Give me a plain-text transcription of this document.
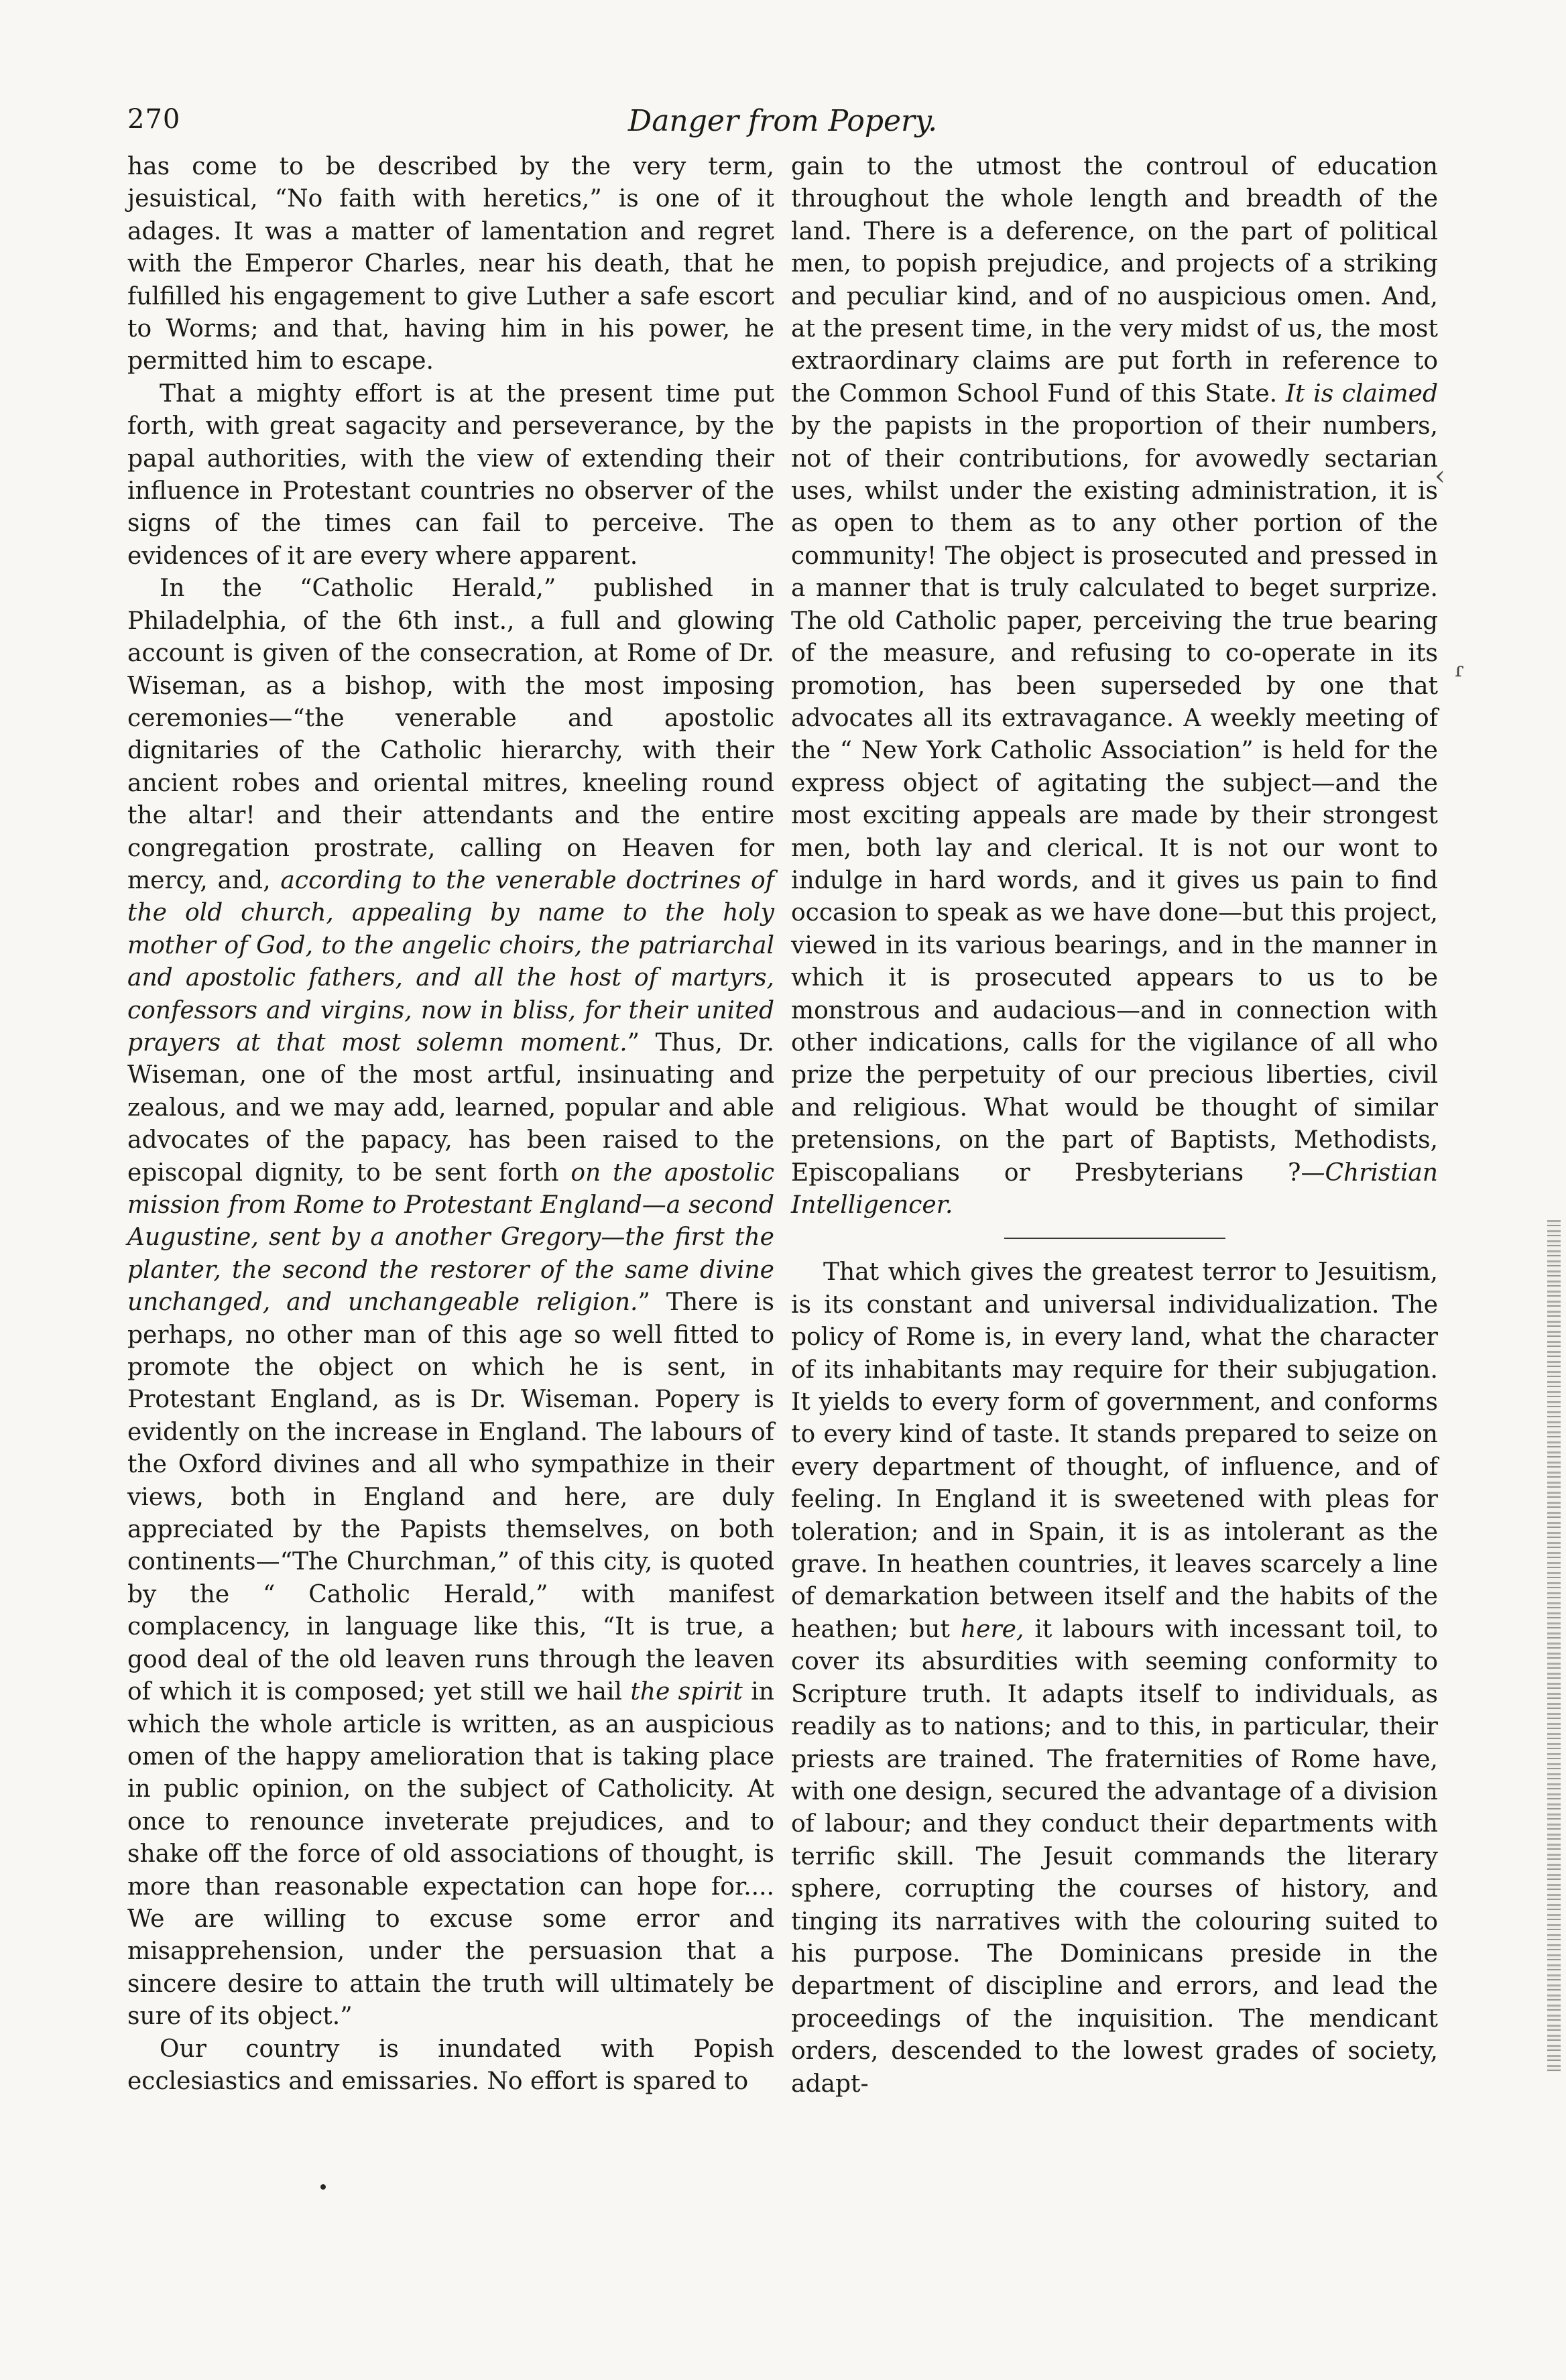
270	Danger from Popery.

has come to be described by the very term, jesuistical, “No faith with heretics,” is one of it adages. It was a matter of lamentation and regret with the Emperor Charles, near his death, that he fulfilled his engagement to give Luther a safe escort to Worms; and that, having him in his power, he permitted him to escape.

That a mighty effort is at the present time put forth, with great sagacity and perseverance, by the papal authorities, with the view of extending their influence in Protestant countries no observer of the signs of the times can fail to perceive. The evidences of it are every where apparent.

In the “Catholic Herald,” published in Philadelphia, of the 6th inst., a full and glowing account is given of the consecration, at Rome of Dr. Wiseman, as a bishop, with the most imposing ceremonies—“the venerable and apostolic dignitaries of the Catholic hierarchy, with their ancient robes and oriental mitres, kneeling round the altar! and their attendants and the entire congregation prostrate, calling on Heaven for mercy, and, according to the venerable doctrines of the old church, appealing by name to the holy mother of God, to the angelic choirs, the patriarchal and apostolic fathers, and all the host of martyrs, confessors and virgins, now in bliss, for their united prayers at that most solemn moment.” Thus, Dr. Wiseman, one of the most artful, insinuating and zealous, and we may add, learned, popular and able advocates of the papacy, has been raised to the episcopal dignity, to be sent forth on the apostolic mission from Rome to Protestant England—a second Augustine, sent by a another Gregory—the first the planter, the second the restorer of the same divine unchanged, and unchangeable religion.” There is perhaps, no other man of this age so well fitted to promote the object on which he is sent, in Protestant England, as is Dr. Wiseman. Popery is evidently on the increase in England. The labours of the Oxford divines and all who sympathize in their views, both in England and here, are duly appreciated by the Papists themselves, on both continents—“The Churchman,” of this city, is quoted by the “ Catholic Herald,” with manifest complacency, in language like this, “It is true, a good deal of the old leaven runs through the leaven of which it is composed; yet still we hail the spirit in which the whole article is written, as an auspicious omen of the happy amelioration that is taking place in public opinion, on the subject of Catholicity. At once to renounce inveterate prejudices, and to shake off the force of old associations of thought, is more than reasonable expectation can hope for.... We are willing to excuse some error and misapprehension, under the persuasion that a sincere desire to attain the truth will ultimately be sure of its object.”

Our country is inundated with Popish ecclesiastics and emissaries. No effort is spared to

gain to the utmost the controul of education throughout the whole length and breadth of the land. There is a deference, on the part of political men, to popish prejudice, and projects of a striking and peculiar kind, and of no auspicious omen. And, at the present time, in the very midst of us, the most extraordinary claims are put forth in reference to the Common School Fund of this State. It is claimed by the papists in the proportion of their numbers, not of their contributions, for avowedly sectarian uses, whilst under the existing administration, it is as open to them as to any other portion of the community! The object is prosecuted and pressed in a manner that is truly calculated to beget surprize. The old Catholic paper, perceiving the true bearing of the measure, and refusing to co-operate in its promotion, has been superseded by one that advocates all its extravagance. A weekly meeting of the “ New York Catholic Association” is held for the express object of agitating the subject—and the most exciting appeals are made by their strongest men, both lay and clerical. It is not our wont to indulge in hard words, and it gives us pain to find occasion to speak as we have done—but this project, viewed in its various bearings, and in the manner in which it is prosecuted appears to us to be monstrous and audacious—and in connection with other indications, calls for the vigilance of all who prize the perpetuity of our precious liberties, civil and religious. What would be thought of similar pretensions, on the part of Baptists, Methodists, Episcopalians or Presbyterians ?—Christian Intelligencer.

That which gives the greatest terror to Jesuitism, is its constant and universal individualization. The policy of Rome is, in every land, what the character of its inhabitants may require for their subjugation. It yields to every form of government, and conforms to every kind of taste. It stands prepared to seize on every department of thought, of influence, and of feeling. In England it is sweetened with pleas for toleration; and in Spain, it is as intolerant as the grave. In heathen countries, it leaves scarcely a line of demarkation between itself and the habits of the heathen; but here, it labours with incessant toil, to cover its absurdities with seeming conformity to Scripture truth. It adapts itself to individuals, as readily as to nations; and to this, in particular, their priests are trained. The fraternities of Rome have, with one design, secured the advantage of a division of labour; and they conduct their departments with terrific skill. The Jesuit commands the literary sphere, corrupting the courses of history, and tinging its narratives with the colouring suited to his purpose. The Dominicans preside in the department of discipline and errors, and lead the proceedings of the inquisition. The mendicant orders, descended to the lowest grades of society, adapt-

‹
ɾ
